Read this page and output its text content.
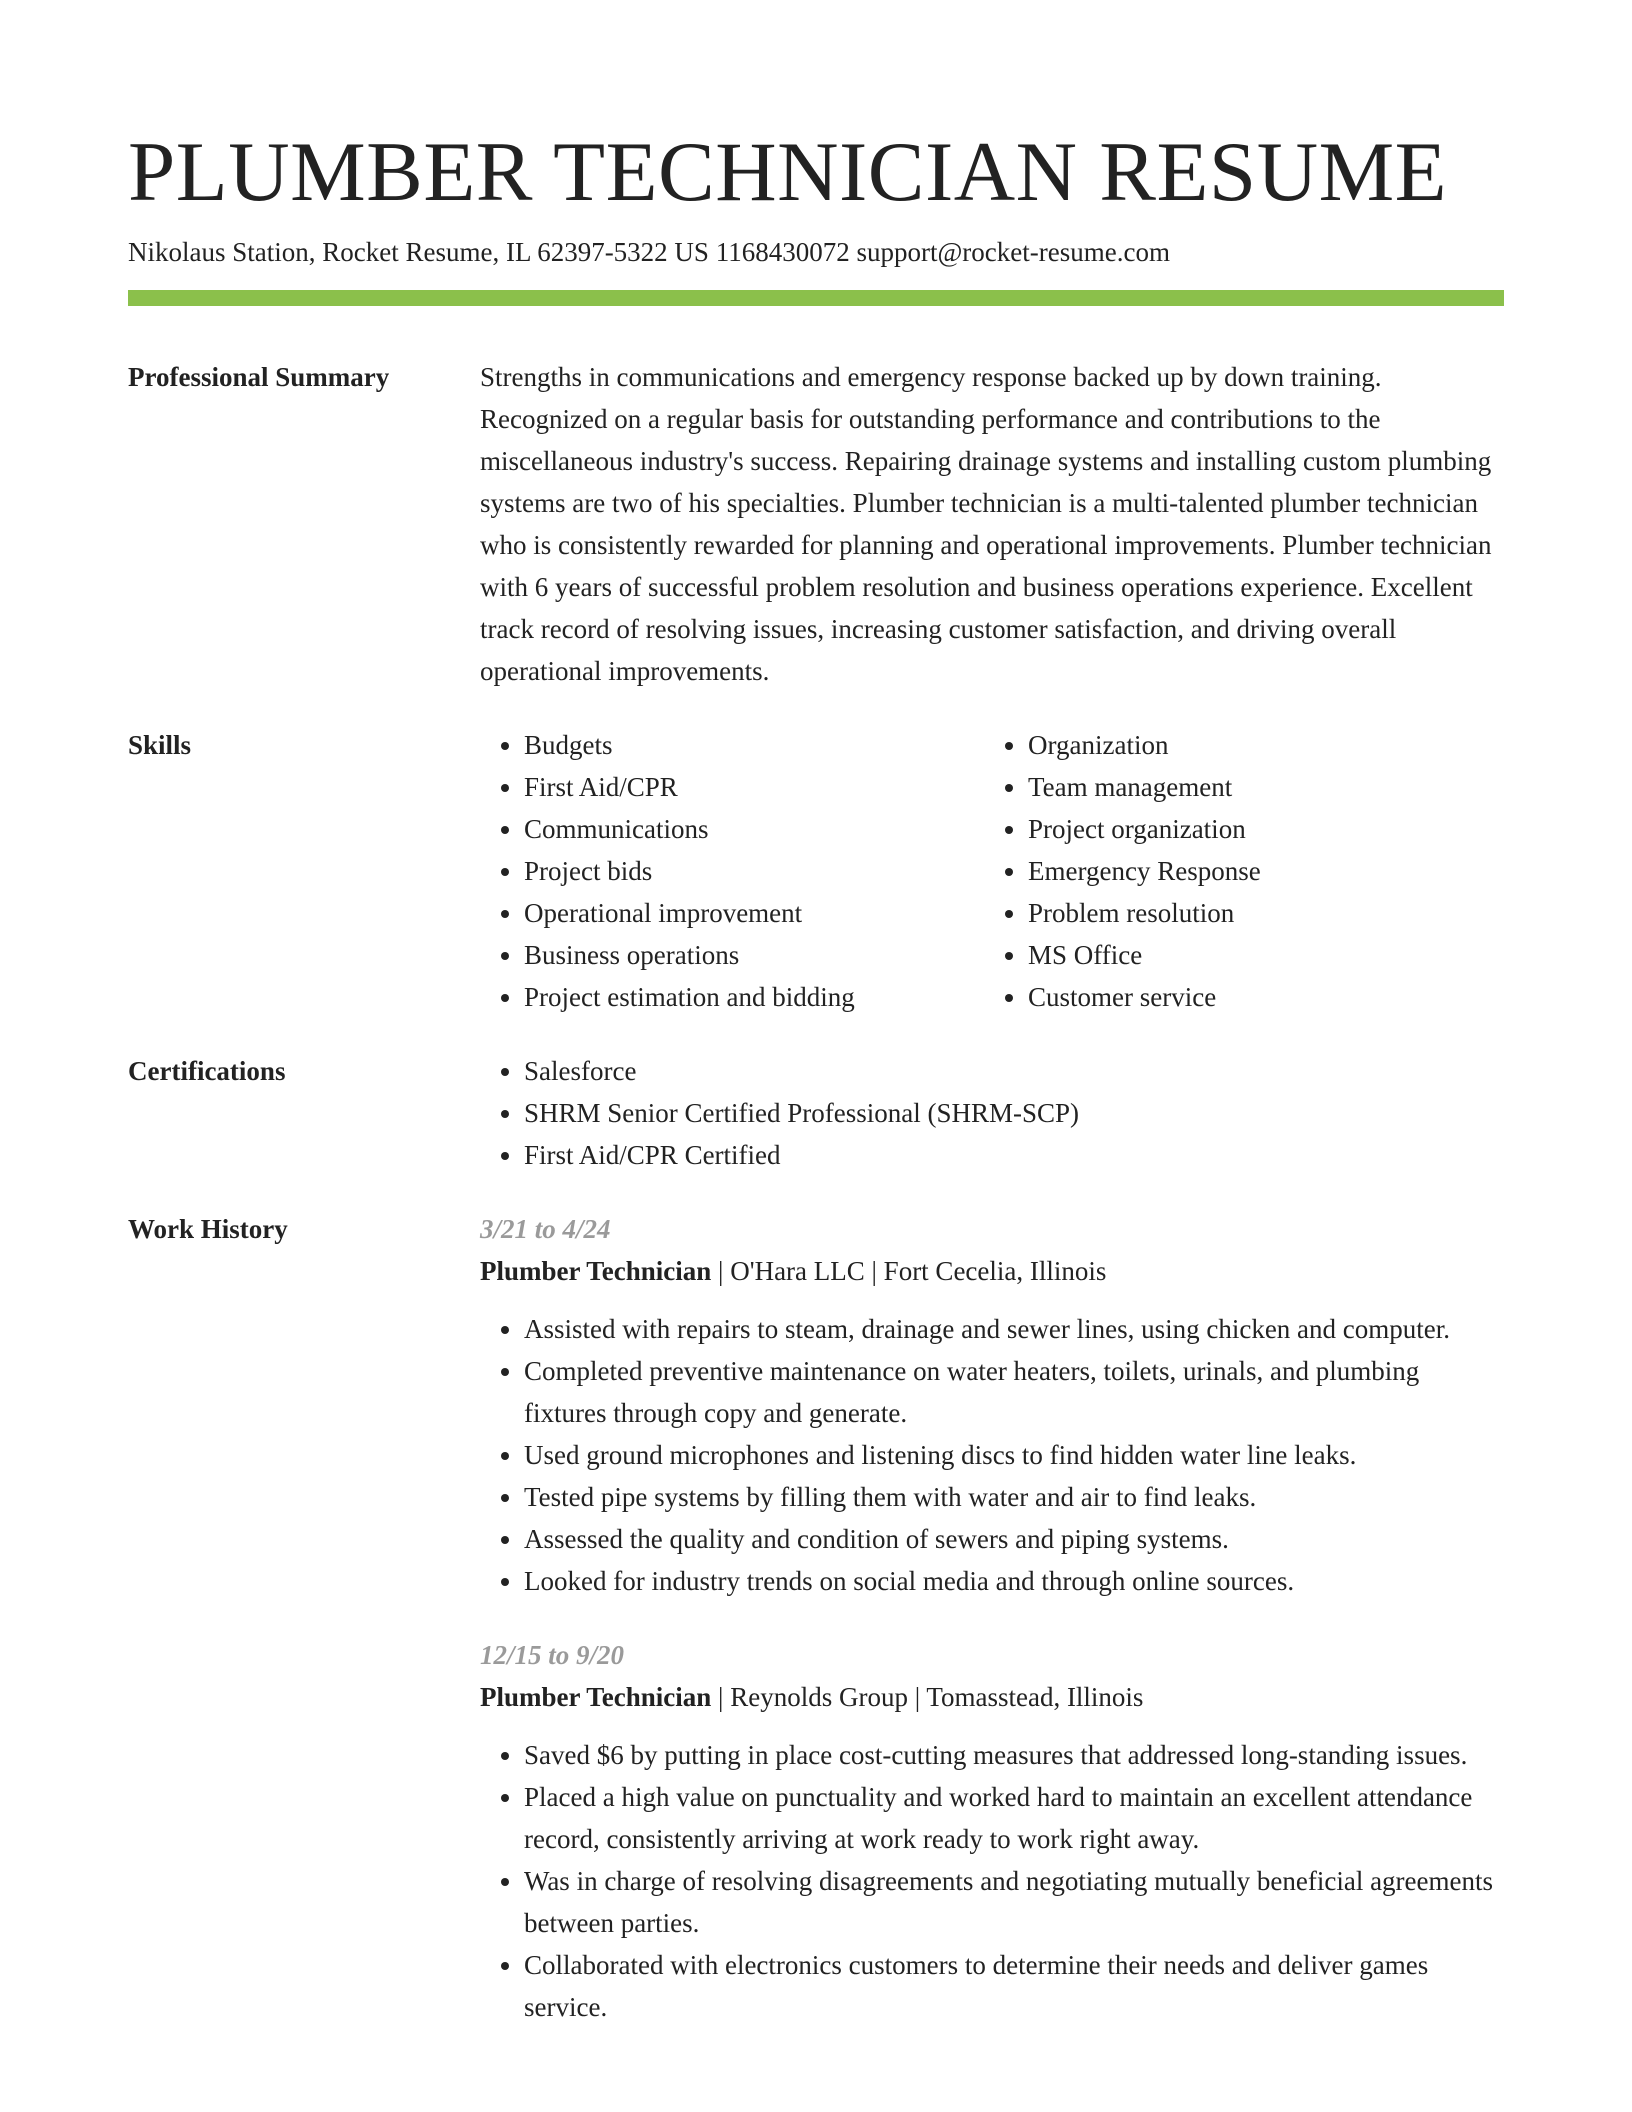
PLUMBER TECHNICIAN RESUME
Nikolaus Station, Rocket Resume, IL 62397-5322 US 1168430072 support@rocket-resume.com
Professional Summary	Strengths in communications and emergency response backed up by down training. Recognized on a regular basis for outstanding performance and contributions to the miscellaneous industry's success. Repairing drainage systems and installing custom plumbing systems are two of his specialties. Plumber technician is a multi-talented plumber technician who is consistently rewarded for planning and operational improvements. Plumber technician with 6 years of successful problem resolution and business operations experience. Excellent track record of resolving issues, increasing customer satisfaction, and driving overall operational improvements.

Skills	• Budgets
• First Aid/CPR
• Communications
• Project bids
• Operational improvement
• Business operations
• Project estimation and bidding
• Organization
• Team management
• Project organization
• Emergency Response
• Problem resolution
• MS Office
• Customer service
Certifications	• Salesforce
• SHRM Senior Certified Professional (SHRM-SCP)
• First Aid/CPR Certified
Work History	3/21 to 4/24
Plumber Technician | O'Hara LLC | Fort Cecelia, Illinois
• Assisted with repairs to steam, drainage and sewer lines, using chicken and computer.
• Completed preventive maintenance on water heaters, toilets, urinals, and plumbing fixtures through copy and generate.
• Used ground microphones and listening discs to find hidden water line leaks.
• Tested pipe systems by filling them with water and air to find leaks.
• Assessed the quality and condition of sewers and piping systems.
• Looked for industry trends on social media and through online sources.
12/15 to 9/20
Plumber Technician | Reynolds Group | Tomasstead, Illinois
• Saved $6 by putting in place cost-cutting measures that addressed long-standing issues.
• Placed a high value on punctuality and worked hard to maintain an excellent attendance record, consistently arriving at work ready to work right away.
• Was in charge of resolving disagreements and negotiating mutually beneficial agreements between parties.
• Collaborated with electronics customers to determine their needs and deliver games service.
